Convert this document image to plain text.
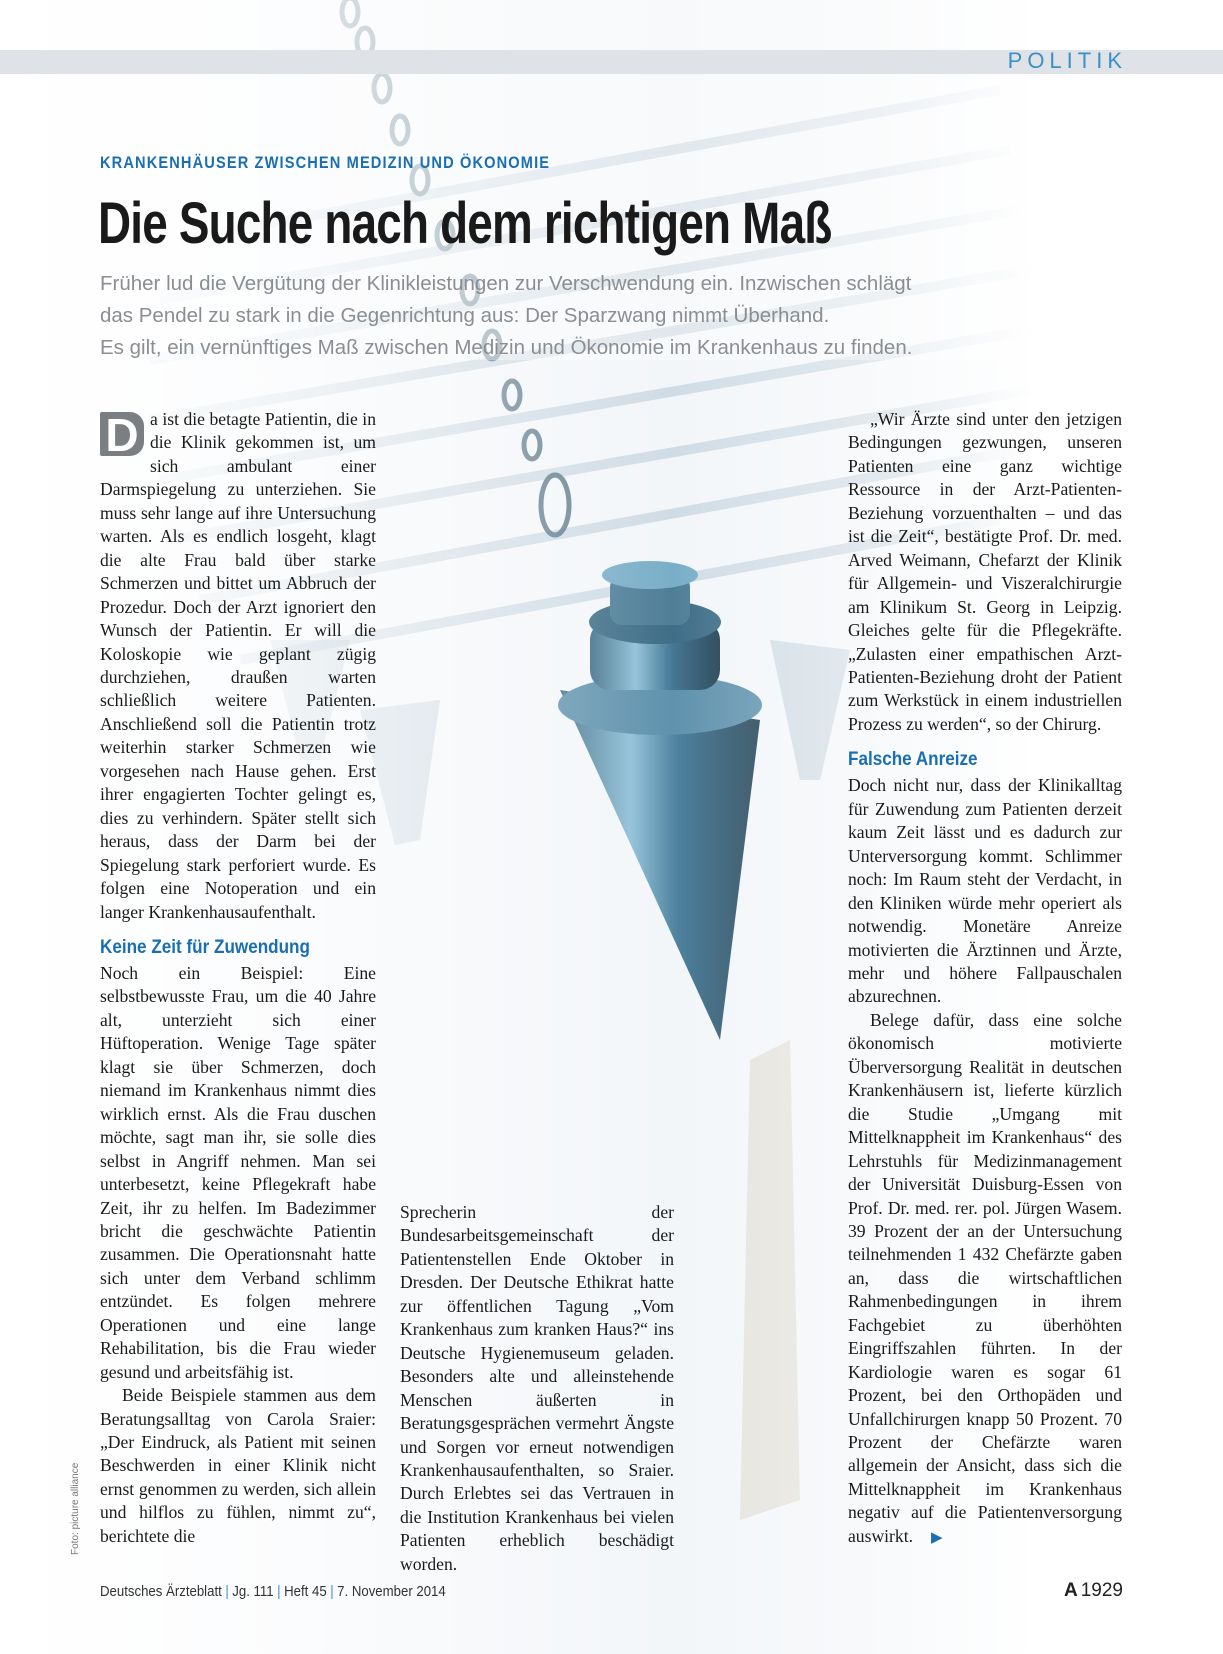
POLITIK
KRANKENHÄUSER ZWISCHEN MEDIZIN UND ÖKONOMIE
Die Suche nach dem richtigen Maß
Früher lud die Vergütung der Klinikleistungen zur Verschwendung ein. Inzwischen schlägt
das Pendel zu stark in die Gegenrichtung aus: Der Sparzwang nimmt Überhand.
Es gilt, ein vernünftiges Maß zwischen Medizin und Ökonomie im Krankenhaus zu finden.

D a ist die betagte Patientin, die in die Klinik gekommen ist, um sich ambulant einer Darmspiegelung zu unterziehen. Sie muss sehr lange auf ihre Untersuchung warten. Als es endlich losgeht, klagt die alte Frau bald über starke Schmerzen und bittet um Abbruch der Prozedur. Doch der Arzt ignoriert den Wunsch der Patientin. Er will die Koloskopie wie geplant zügig durchziehen, draußen warten schließlich weitere Patienten. Anschließend soll die Patientin trotz weiterhin starker Schmerzen wie vorgesehen nach Hause gehen. Erst ihrer engagierten Tochter gelingt es, dies zu verhindern. Später stellt sich heraus, dass der Darm bei der Spiegelung stark perforiert wurde. Es folgen eine Notoperation und ein langer Krankenhausaufenthalt.

Keine Zeit für Zuwendung

Noch ein Beispiel: Eine selbstbewusste Frau, um die 40 Jahre alt, unterzieht sich einer Hüftoperation. Wenige Tage später klagt sie über Schmerzen, doch niemand im Krankenhaus nimmt dies wirklich ernst. Als die Frau duschen möchte, sagt man ihr, sie solle dies selbst in Angriff nehmen. Man sei unterbesetzt, keine Pflegekraft habe Zeit, ihr zu helfen. Im Badezimmer bricht die geschwächte Patientin zusammen. Die Operationsnaht hatte sich unter dem Verband schlimm entzündet. Es folgen mehrere Operationen und eine lange Rehabilitation, bis die Frau wieder gesund und arbeitsfähig ist.

Beide Beispiele stammen aus dem Beratungsalltag von Carola Sraier: „Der Eindruck, als Patient mit seinen Beschwerden in einer Klinik nicht ernst genommen zu werden, sich allein und hilflos zu fühlen, nimmt zu“, berichtete die

Sprecherin der Bundesarbeitsgemeinschaft der Patientenstellen Ende Oktober in Dresden. Der Deutsche Ethikrat hatte zur öffentlichen Tagung „Vom Krankenhaus zum kranken Haus?“ ins Deutsche Hygienemuseum geladen. Besonders alte und alleinstehende Menschen äußerten in Beratungsgesprächen vermehrt Ängste und Sorgen vor erneut notwendigen Krankenhausaufenthalten, so Sraier. Durch Erlebtes sei das Vertrauen in die Institution Krankenhaus bei vielen Patienten erheblich beschädigt worden.

„Wir Ärzte sind unter den jetzigen Bedingungen gezwungen, unseren Patienten eine ganz wichtige Ressource in der Arzt-Patienten-Beziehung vorzuenthalten – und das ist die Zeit“, bestätigte Prof. Dr. med. Arved Weimann, Chefarzt der Klinik für Allgemein- und Viszeralchirurgie am Klinikum St. Georg in Leipzig. Gleiches gelte für die Pflegekräfte. „Zulasten einer empathischen Arzt-Patienten-Beziehung droht der Patient zum Werkstück in einem industriellen Prozess zu werden“, so der Chirurg.

Falsche Anreize

Doch nicht nur, dass der Klinikalltag für Zuwendung zum Patienten derzeit kaum Zeit lässt und es dadurch zur Unterversorgung kommt. Schlimmer noch: Im Raum steht der Verdacht, in den Kliniken würde mehr operiert als notwendig. Monetäre Anreize motivierten die Ärztinnen und Ärzte, mehr und höhere Fallpauschalen abzurechnen.

Belege dafür, dass eine solche ökonomisch motivierte Überversorgung Realität in deutschen Krankenhäusern ist, lieferte kürzlich die Studie „Umgang mit Mittelknappheit im Krankenhaus“ des Lehrstuhls für Medizinmanagement der Universität Duisburg-Essen von Prof. Dr. med. rer. pol. Jürgen Wasem. 39 Prozent der an der Untersuchung teilnehmenden 1 432 Chefärzte gaben an, dass die wirtschaftlichen Rahmenbedingungen in ihrem Fachgebiet zu überhöhten Eingriffszahlen führten. In der Kardiologie waren es sogar 61 Prozent, bei den Orthopäden und Unfallchirurgen knapp 50 Prozent. 70 Prozent der Chefärzte waren allgemein der Ansicht, dass sich die Mittelknappheit im Krankenhaus negativ auf die Patientenversorgung auswirkt. ▶

Foto: picture alliance
Deutsches Ärzteblatt | Jg. 111 | Heft 45 | 7. November 2014	A 1929
